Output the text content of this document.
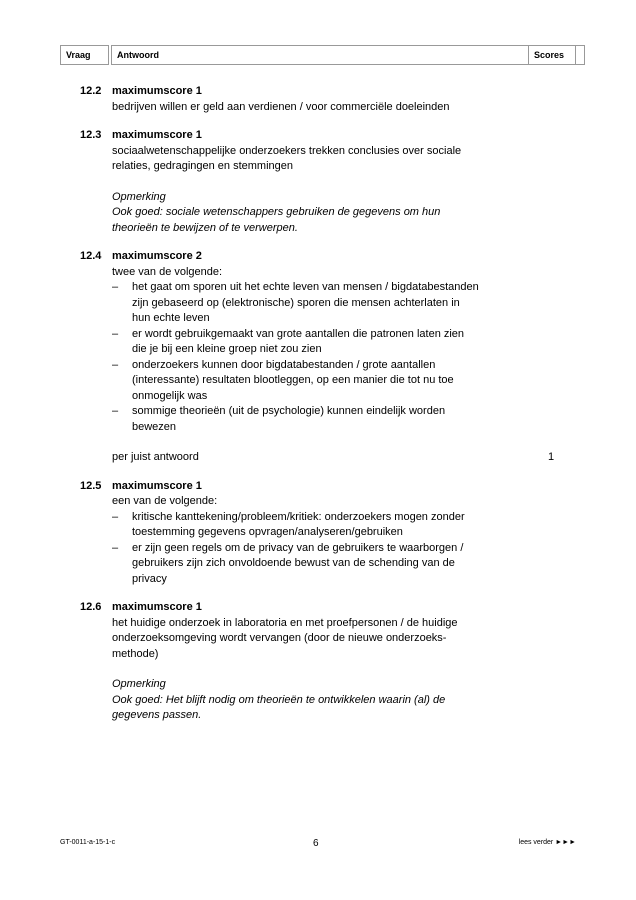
Vraag	Antwoord	Scores
12.2 maximumscore 1
bedrijven willen er geld aan verdienen / voor commerciële doeleinden
12.3 maximumscore 1
sociaalwetenschappelijke onderzoekers trekken conclusies over sociale
relaties, gedragingen en stemmingen
Opmerking
Ook goed: sociale wetenschappers gebruiken de gegevens om hun
theorieën te bewijzen of te verwerpen.
12.4 maximumscore 2
twee van de volgende:
– het gaat om sporen uit het echte leven van mensen / bigdatabestanden
zijn gebaseerd op (elektronische) sporen die mensen achterlaten in
hun echte leven
– er wordt gebruikgemaakt van grote aantallen die patronen laten zien
die je bij een kleine groep niet zou zien
– onderzoekers kunnen door bigdatabestanden / grote aantallen
(interessante) resultaten blootleggen, op een manier die tot nu toe
onmogelijk was
– sommige theorieën (uit de psychologie) kunnen eindelijk worden
bewezen
per juist antwoord	1
12.5 maximumscore 1
een van de volgende:
– kritische kanttekening/probleem/kritiek: onderzoekers mogen zonder
toestemming gegevens opvragen/analyseren/gebruiken
– er zijn geen regels om de privacy van de gebruikers te waarborgen /
gebruikers zijn zich onvoldoende bewust van de schending van de
privacy
12.6 maximumscore 1
het huidige onderzoek in laboratoria en met proefpersonen / de huidige
onderzoeksomgeving wordt vervangen (door de nieuwe onderzoeks-
methode)
Opmerking
Ook goed: Het blijft nodig om theorieën te ontwikkelen waarin (al) de
gegevens passen.
GT-0011-a-15-1-c	6	lees verder ►►►
